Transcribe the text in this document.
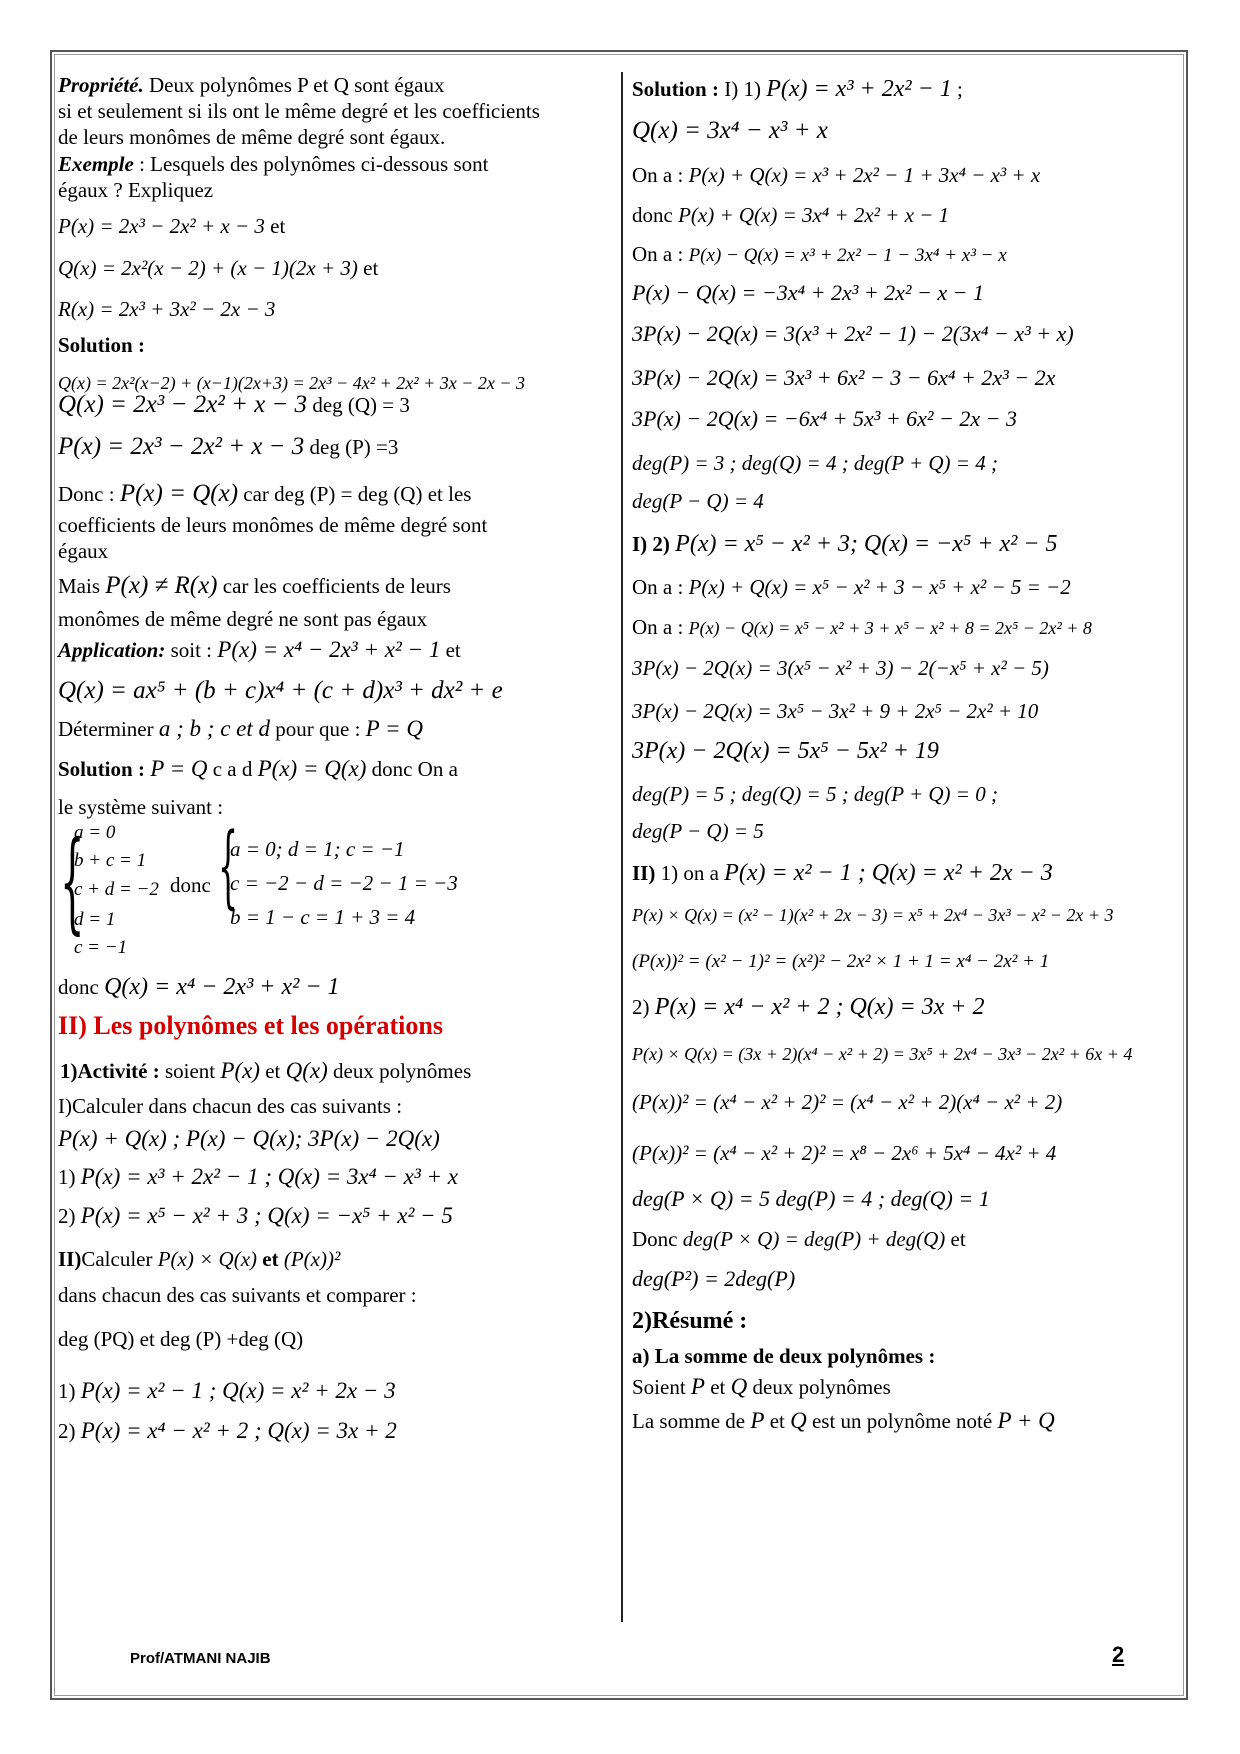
Propriété. Deux polynômes P et Q sont égaux
si et seulement si ils ont le même degré et les coefficients
de leurs monômes de même degré sont égaux.
Exemple : Lesquels des polynômes ci-dessous sont
égaux ? Expliquez
P(x) = 2x³ − 2x² + x − 3 et
Q(x) = 2x²(x − 2) + (x − 1)(2x + 3) et
R(x) = 2x³ + 3x² − 2x − 3
Solution :
Q(x) = 2x²(x−2) + (x−1)(2x+3) = 2x³ − 4x² + 2x² + 3x − 2x − 3
Q(x) = 2x³ − 2x² + x − 3 deg (Q) = 3
P(x) = 2x³ − 2x² + x − 3 deg (P) =3
Donc : P(x) = Q(x) car deg (P) = deg (Q) et les
coefficients de leurs monômes de même degré sont
égaux
Mais P(x) ≠ R(x) car les coefficients de leurs
monômes de même degré ne sont pas égaux
Application: soit : P(x) = x⁴ − 2x³ + x² − 1 et
Q(x) = ax⁵ + (b + c)x⁴ + (c + d)x³ + dx² + e
Déterminer a ; b ; c et d pour que : P = Q
Solution : P = Q c a d P(x) = Q(x) donc On a
le système suivant :
{
a = 0
b + c = 1
c + d = −2
d = 1
c = −1
donc {
a = 0; d = 1; c = −1
c = −2 − d = −2 − 1 = −3
b = 1 − c = 1 + 3 = 4
donc Q(x) = x⁴ − 2x³ + x² − 1
II) Les polynômes et les opérations
1)Activité : soient P(x) et Q(x) deux polynômes
I)Calculer dans chacun des cas suivants :
P(x) + Q(x) ; P(x) − Q(x); 3P(x) − 2Q(x)
1) P(x) = x³ + 2x² − 1 ; Q(x) = 3x⁴ − x³ + x
2) P(x) = x⁵ − x² + 3 ; Q(x) = −x⁵ + x² − 5
II)Calculer P(x) × Q(x) et (P(x))²
dans chacun des cas suivants et comparer :
deg (PQ) et deg (P) +deg (Q)
1) P(x) = x² − 1 ; Q(x) = x² + 2x − 3
2) P(x) = x⁴ − x² + 2 ; Q(x) = 3x + 2
Solution : I) 1) P(x) = x³ + 2x² − 1 ;
Q(x) = 3x⁴ − x³ + x
On a : P(x) + Q(x) = x³ + 2x² − 1 + 3x⁴ − x³ + x
donc P(x) + Q(x) = 3x⁴ + 2x² + x − 1
On a : P(x) − Q(x) = x³ + 2x² − 1 − 3x⁴ + x³ − x
P(x) − Q(x) = −3x⁴ + 2x³ + 2x² − x − 1
3P(x) − 2Q(x) = 3(x³ + 2x² − 1) − 2(3x⁴ − x³ + x)
3P(x) − 2Q(x) = 3x³ + 6x² − 3 − 6x⁴ + 2x³ − 2x
3P(x) − 2Q(x) = −6x⁴ + 5x³ + 6x² − 2x − 3
deg(P) = 3 ; deg(Q) = 4 ; deg(P + Q) = 4 ;
deg(P − Q) = 4
I) 2) P(x) = x⁵ − x² + 3; Q(x) = −x⁵ + x² − 5
On a : P(x) + Q(x) = x⁵ − x² + 3 − x⁵ + x² − 5 = −2
On a : P(x) − Q(x) = x⁵ − x² + 3 + x⁵ − x² + 8 = 2x⁵ − 2x² + 8
3P(x) − 2Q(x) = 3(x⁵ − x² + 3) − 2(−x⁵ + x² − 5)
3P(x) − 2Q(x) = 3x⁵ − 3x² + 9 + 2x⁵ − 2x² + 10
3P(x) − 2Q(x) = 5x⁵ − 5x² + 19
deg(P) = 5 ; deg(Q) = 5 ; deg(P + Q) = 0 ;
deg(P − Q) = 5
II) 1) on a P(x) = x² − 1 ; Q(x) = x² + 2x − 3
P(x) × Q(x) = (x² − 1)(x² + 2x − 3) = x⁵ + 2x⁴ − 3x³ − x² − 2x + 3
(P(x))² = (x² − 1)² = (x²)² − 2x² × 1 + 1 = x⁴ − 2x² + 1
2) P(x) = x⁴ − x² + 2 ; Q(x) = 3x + 2
P(x) × Q(x) = (3x + 2)(x⁴ − x² + 2) = 3x⁵ + 2x⁴ − 3x³ − 2x² + 6x + 4
(P(x))² = (x⁴ − x² + 2)² = (x⁴ − x² + 2)(x⁴ − x² + 2)
(P(x))² = (x⁴ − x² + 2)² = x⁸ − 2x⁶ + 5x⁴ − 4x² + 4
deg(P × Q) = 5 deg(P) = 4 ; deg(Q) = 1
Donc deg(P × Q) = deg(P) + deg(Q) et
deg(P²) = 2deg(P)
2)Résumé :
a) La somme de deux polynômes :
Soient P et Q deux polynômes
La somme de P et Q est un polynôme noté P + Q
Prof/ATMANI NAJIB	2
